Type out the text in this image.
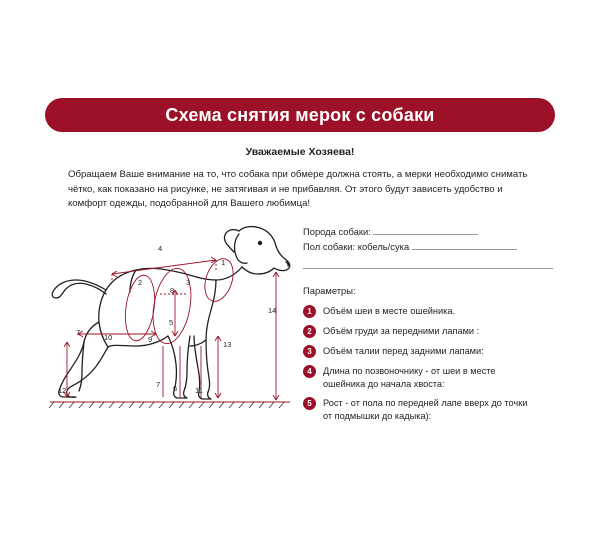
Схема снятия мерок с собаки
Уважаемые Хозяева!
Обращаем Ваше внимание на то, что собака при обмере должна стоять, а мерки необходимо снимать чётко, как показано на рисунке, не затягивая и не прибавляя. От этого будут зависеть удобство и комфорт одежды, подобранной для Вашего любимца!
4
1
2
8
3
14
7
10	9
5
13
12
7 6 11
Порода собаки:
Пол собаки: кобель/сука
Параметры:
1	Объём шеи в месте ошейника.
2	Объём груди за передними лапами :
3	Объём талии перед задними лапами:
4	Длина по позвоночнику - от шеи в месте
ошейника до начала хвоста:
5	Рост - от пола по передней лапе вверх до точки
от подмышки до кадыка):
